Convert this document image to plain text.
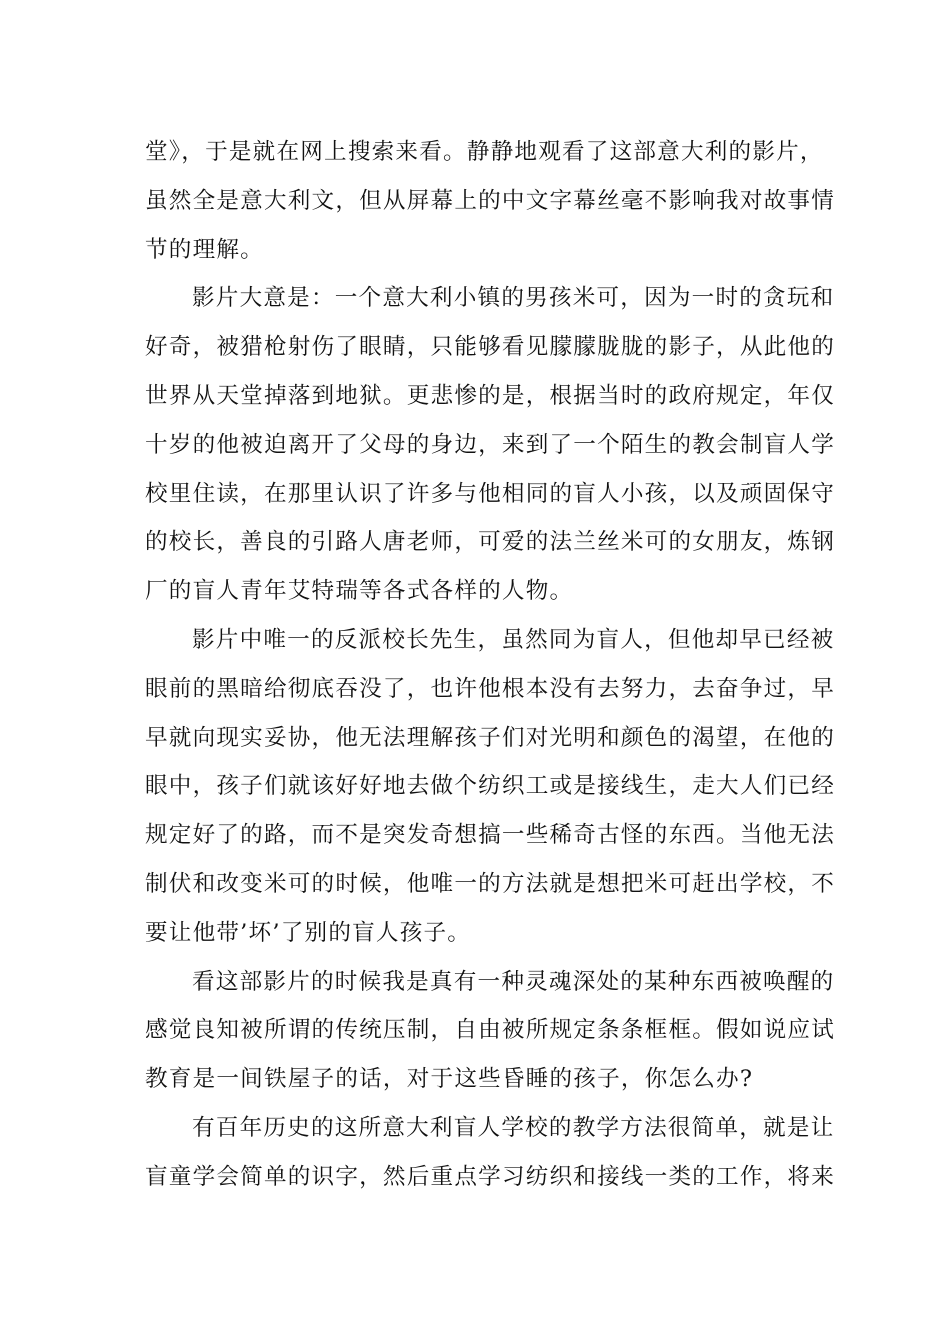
堂》，于是就在网上搜索来看。静静地观看了这部意大利的影片，
虽然全是意大利文，但从屏幕上的中文字幕丝毫不影响我对故事情
节的理解。

影片大意是：一个意大利小镇的男孩米可，因为一时的贪玩和
好奇，被猎枪射伤了眼睛，只能够看见朦朦胧胧的影子，从此他的
世界从天堂掉落到地狱。更悲惨的是，根据当时的政府规定，年仅
十岁的他被迫离开了父母的身边，来到了一个陌生的教会制盲人学
校里住读，在那里认识了许多与他相同的盲人小孩，以及顽固保守
的校长，善良的引路人唐老师，可爱的法兰丝米可的女朋友，炼钢
厂的盲人青年艾特瑞等各式各样的人物。

影片中唯一的反派校长先生，虽然同为盲人，但他却早已经被
眼前的黑暗给彻底吞没了，也许他根本没有去努力，去奋争过，早
早就向现实妥协，他无法理解孩子们对光明和颜色的渴望，在他的
眼中，孩子们就该好好地去做个纺织工或是接线生，走大人们已经
规定好了的路，而不是突发奇想搞一些稀奇古怪的东西。当他无法
制伏和改变米可的时候，他唯一的方法就是想把米可赶出学校，不
要让他带’坏’了别的盲人孩子。

看这部影片的时候我是真有一种灵魂深处的某种东西被唤醒的
感觉良知被所谓的传统压制，自由被所规定条条框框。假如说应试
教育是一间铁屋子的话，对于这些昏睡的孩子，你怎么办?

有百年历史的这所意大利盲人学校的教学方法很简单，就是让
盲童学会简单的识字，然后重点学习纺织和接线一类的工作，将来
